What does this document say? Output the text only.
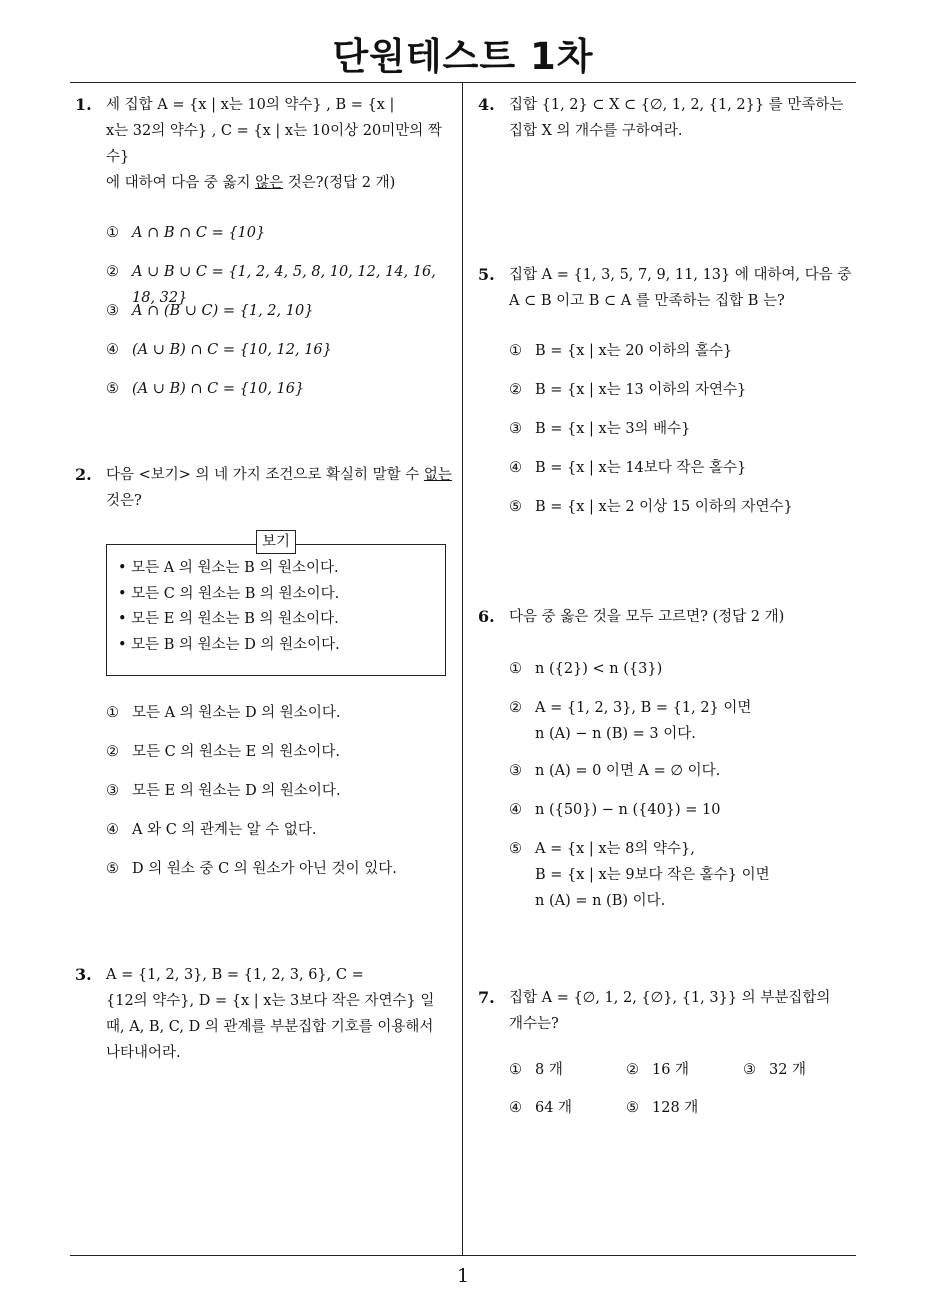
단원테스트 1차
1
1. 세 집합 A = {x | x는 10의 약수} , B = {x |

x는 32의 약수} , C = {x | x는 10이상 20미만의 짝수}

에 대하여 다음 중 옳지 않은 것은?(정답 2 개)

① A ∩ B ∩ C = {10}
② A ∪ B ∪ C = {1, 2, 4, 5, 8, 10, 12, 14, 16, 18, 32}
③ A ∩ (B ∪ C) = {1, 2, 10}
④ (A ∪ B) ∩ C = {10, 12, 16}
⑤ (A ∪ B) ∩ C = {10, 16}
2. 다음 <보기> 의 네 가지 조건으로 확실히 말할 수 없는

것은?

보기
• 모든 A 의 원소는 B 의 원소이다.
• 모든 C 의 원소는 B 의 원소이다.
• 모든 E 의 원소는 B 의 원소이다.
• 모든 B 의 원소는 D 의 원소이다.
① 모든 A 의 원소는 D 의 원소이다.
② 모든 C 의 원소는 E 의 원소이다.
③ 모든 E 의 원소는 D 의 원소이다.
④ A 와 C 의 관계는 알 수 없다.
⑤ D 의 원소 중 C 의 원소가 아닌 것이 있다.
3. A = {1, 2, 3}, B = {1, 2, 3, 6}, C =

{12의 약수}, D = {x | x는 3보다 작은 자연수} 일

때, A, B, C, D 의 관계를 부분집합 기호를 이용해서

나타내어라.

4. 집합 {1, 2} ⊂ X ⊂ {∅, 1, 2, {1, 2}} 를 만족하는

집합 X 의 개수를 구하여라.

5. 집합 A = {1, 3, 5, 7, 9, 11, 13} 에 대하여, 다음 중

A ⊂ B 이고 B ⊂ A 를 만족하는 집합 B 는?

① B = {x | x는 20 이하의 홀수}
② B = {x | x는 13 이하의 자연수}
③ B = {x | x는 3의 배수}
④ B = {x | x는 14보다 작은 홀수}
⑤ B = {x | x는 2 이상 15 이하의 자연수}
6. 다음 중 옳은 것을 모두 고르면? (정답 2 개)

① n ({2}) < n ({3})
② A = {1, 2, 3}, B = {1, 2} 이면
n (A) − n (B) = 3 이다.
③ n (A) = 0 이면 A = ∅ 이다.
④ n ({50}) − n ({40}) = 10
⑤ A = {x | x는 8의 약수},
B = {x | x는 9보다 작은 홀수} 이면
n (A) = n (B) 이다.
7. 집합 A = {∅, 1, 2, {∅}, {1, 3}} 의 부분집합의

개수는?

① 8 개	② 16 개	③ 32 개
④ 64 개	⑤ 128 개
